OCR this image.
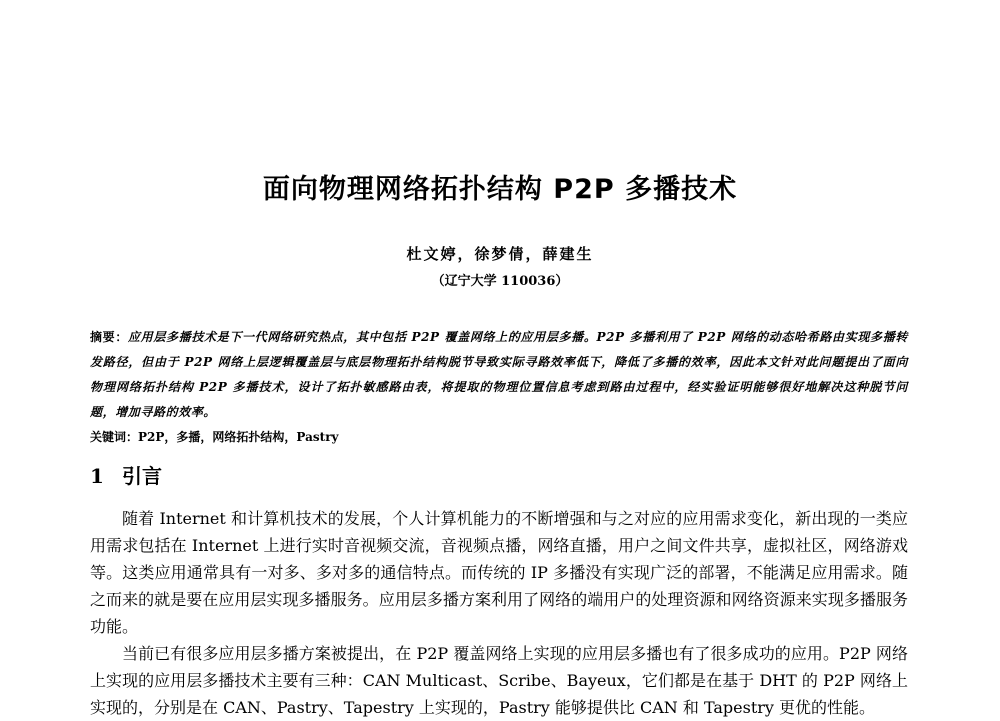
面向物理网络拓扑结构 P2P 多播技术
杜文婷，徐梦倩，薛建生
（辽宁大学 110036）
摘要：应用层多播技术是下一代网络研究热点，其中包括 P2P 覆盖网络上的应用层多播。P2P 多播利用了 P2P 网络的动态哈希路由实现多播转发路径，但由于 P2P 网络上层逻辑覆盖层与底层物理拓扑结构脱节导致实际寻路效率低下，降低了多播的效率，因此本文针对此问题提出了面向物理网络拓扑结构 P2P 多播技术，设计了拓扑敏感路由表，将提取的物理位置信息考虑到路由过程中，经实验证明能够很好地解决这种脱节问题，增加寻路的效率。
关键词：P2P，多播，网络拓扑结构，Pastry
1 引言

随着 Internet 和计算机技术的发展，个人计算机能力的不断增强和与之对应的应用需求变化，新出现的一类应用需求包括在 Internet 上进行实时音视频交流，音视频点播，网络直播，用户之间文件共享，虚拟社区，网络游戏等。这类应用通常具有一对多、多对多的通信特点。而传统的 IP 多播没有实现广泛的部署，不能满足应用需求。随之而来的就是要在应用层实现多播服务。应用层多播方案利用了网络的端用户的处理资源和网络资源来实现多播服务功能。

当前已有很多应用层多播方案被提出，在 P2P 覆盖网络上实现的应用层多播也有了很多成功的应用。P2P 网络上实现的应用层多播技术主要有三种：CAN Multicast、Scribe、Bayeux，它们都是在基于 DHT 的 P2P 网络上实现的，分别是在 CAN、Pastry、Tapestry 上实现的，Pastry 能够提供比 CAN 和 Tapestry 更优的性能。
